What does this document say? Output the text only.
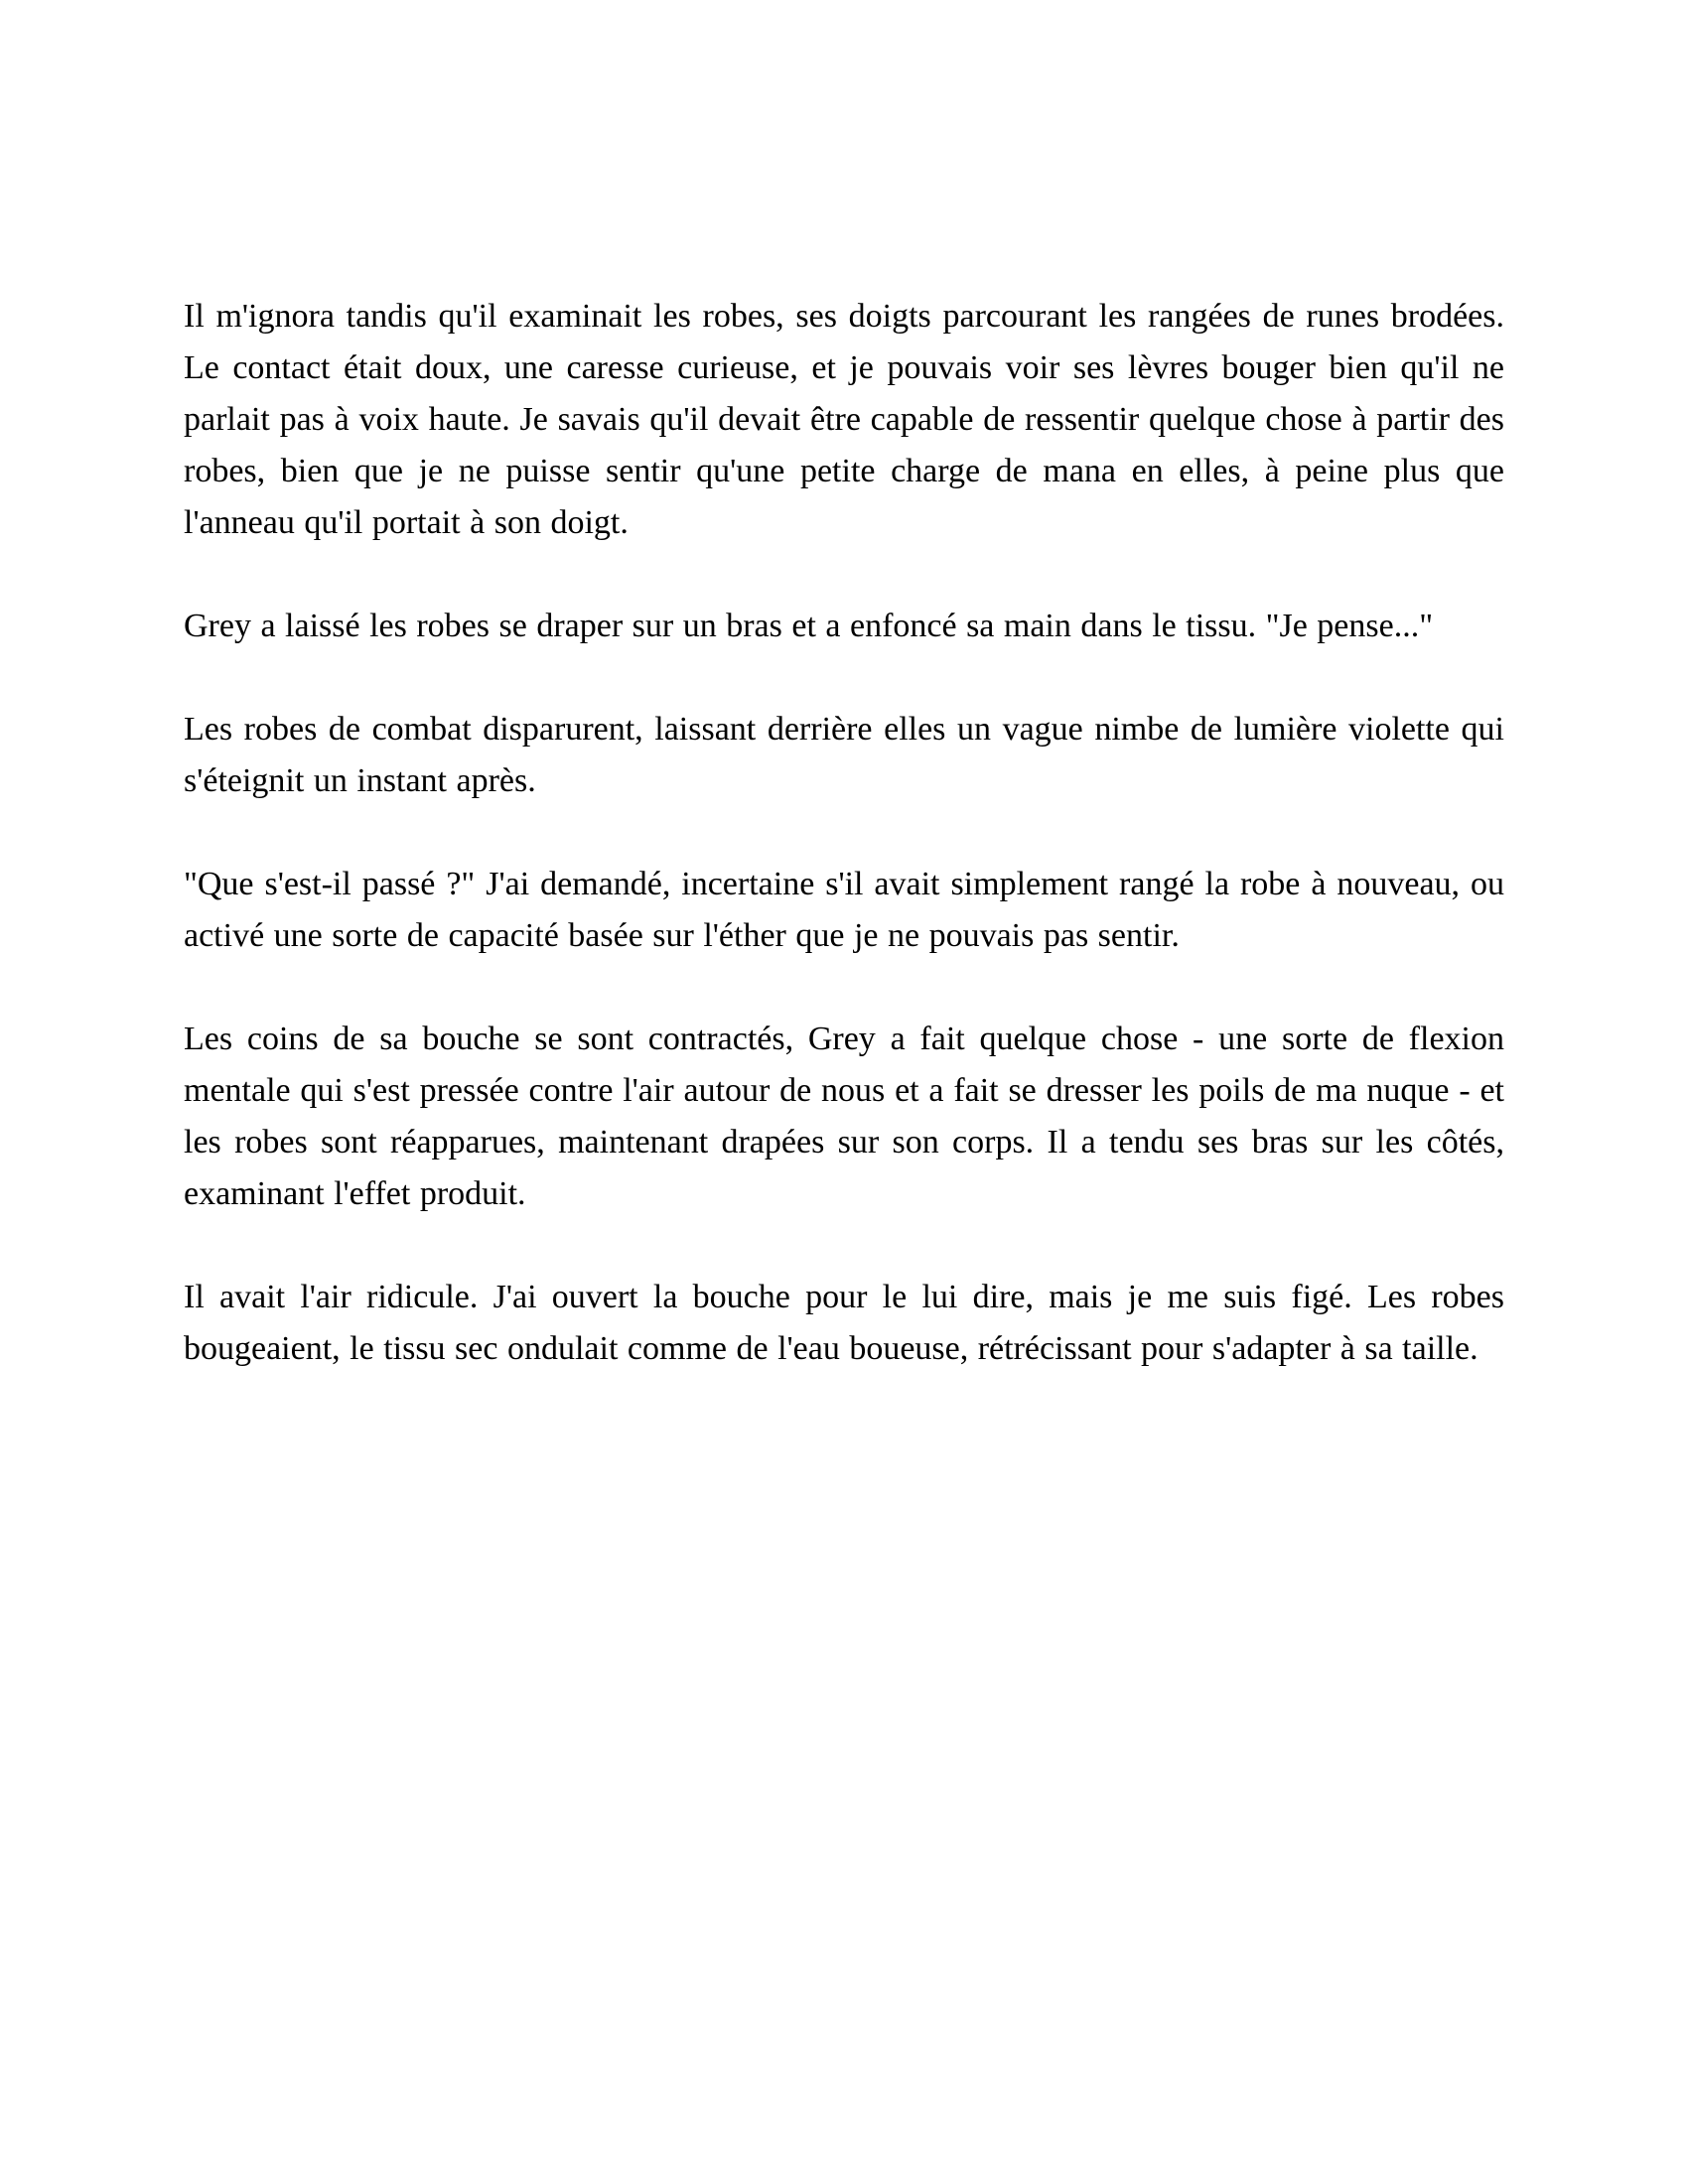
Il m'ignora tandis qu'il examinait les robes, ses doigts parcourant les rangées de runes brodées. Le contact était doux, une caresse curieuse, et je pouvais voir ses lèvres bouger bien qu'il ne parlait pas à voix haute. Je savais qu'il devait être capable de ressentir quelque chose à partir des robes, bien que je ne puisse sentir qu'une petite charge de mana en elles, à peine plus que l'anneau qu'il portait à son doigt.

Grey a laissé les robes se draper sur un bras et a enfoncé sa main dans le tissu. "Je pense..."

Les robes de combat disparurent, laissant derrière elles un vague nimbe de lumière violette qui s'éteignit un instant après.

"Que s'est-il passé ?" J'ai demandé, incertaine s'il avait simplement rangé la robe à nouveau, ou activé une sorte de capacité basée sur l'éther que je ne pouvais pas sentir.

Les coins de sa bouche se sont contractés, Grey a fait quelque chose - une sorte de flexion mentale qui s'est pressée contre l'air autour de nous et a fait se dresser les poils de ma nuque - et les robes sont réapparues, maintenant drapées sur son corps. Il a tendu ses bras sur les côtés, examinant l'effet produit.

Il avait l'air ridicule. J'ai ouvert la bouche pour le lui dire, mais je me suis figé. Les robes bougeaient, le tissu sec ondulait comme de l'eau boueuse, rétrécissant pour s'adapter à sa taille.
